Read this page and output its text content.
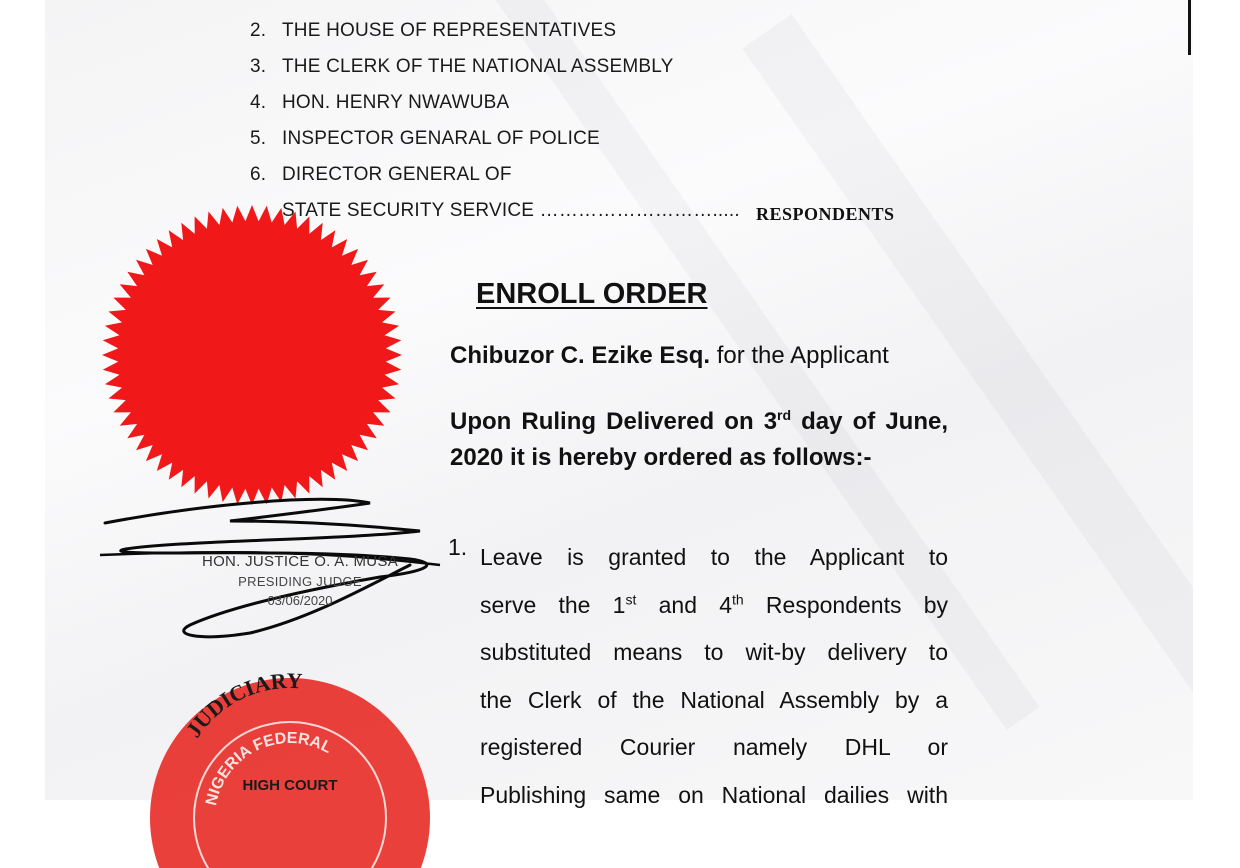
2. THE HOUSE OF REPRESENTATIVES
3. THE CLERK OF THE NATIONAL ASSEMBLY
4. HON. HENRY NWAWUBA
5. INSPECTOR GENARAL OF POLICE
6. DIRECTOR GENERAL OF
STATE SECURITY SERVICE ………………………..... RESPONDENTS
HON. JUSTICE O. A. MUSA
PRESIDING JUDGE
03/06/2020
JUDICIARY
NIGERIA FEDERAL
HIGH COURT
ENROLL ORDER
Chibuzor C. Ezike Esq. for the Applicant
Upon Ruling Delivered on 3rd day of June, 2020 it is hereby ordered as follows:-
1. Leave is granted to the Applicant to
serve the 1st and 4th Respondents by
substituted means to wit-by delivery to
the Clerk of the National Assembly by a
registered Courier namely DHL or
Publishing same on National dailies with
